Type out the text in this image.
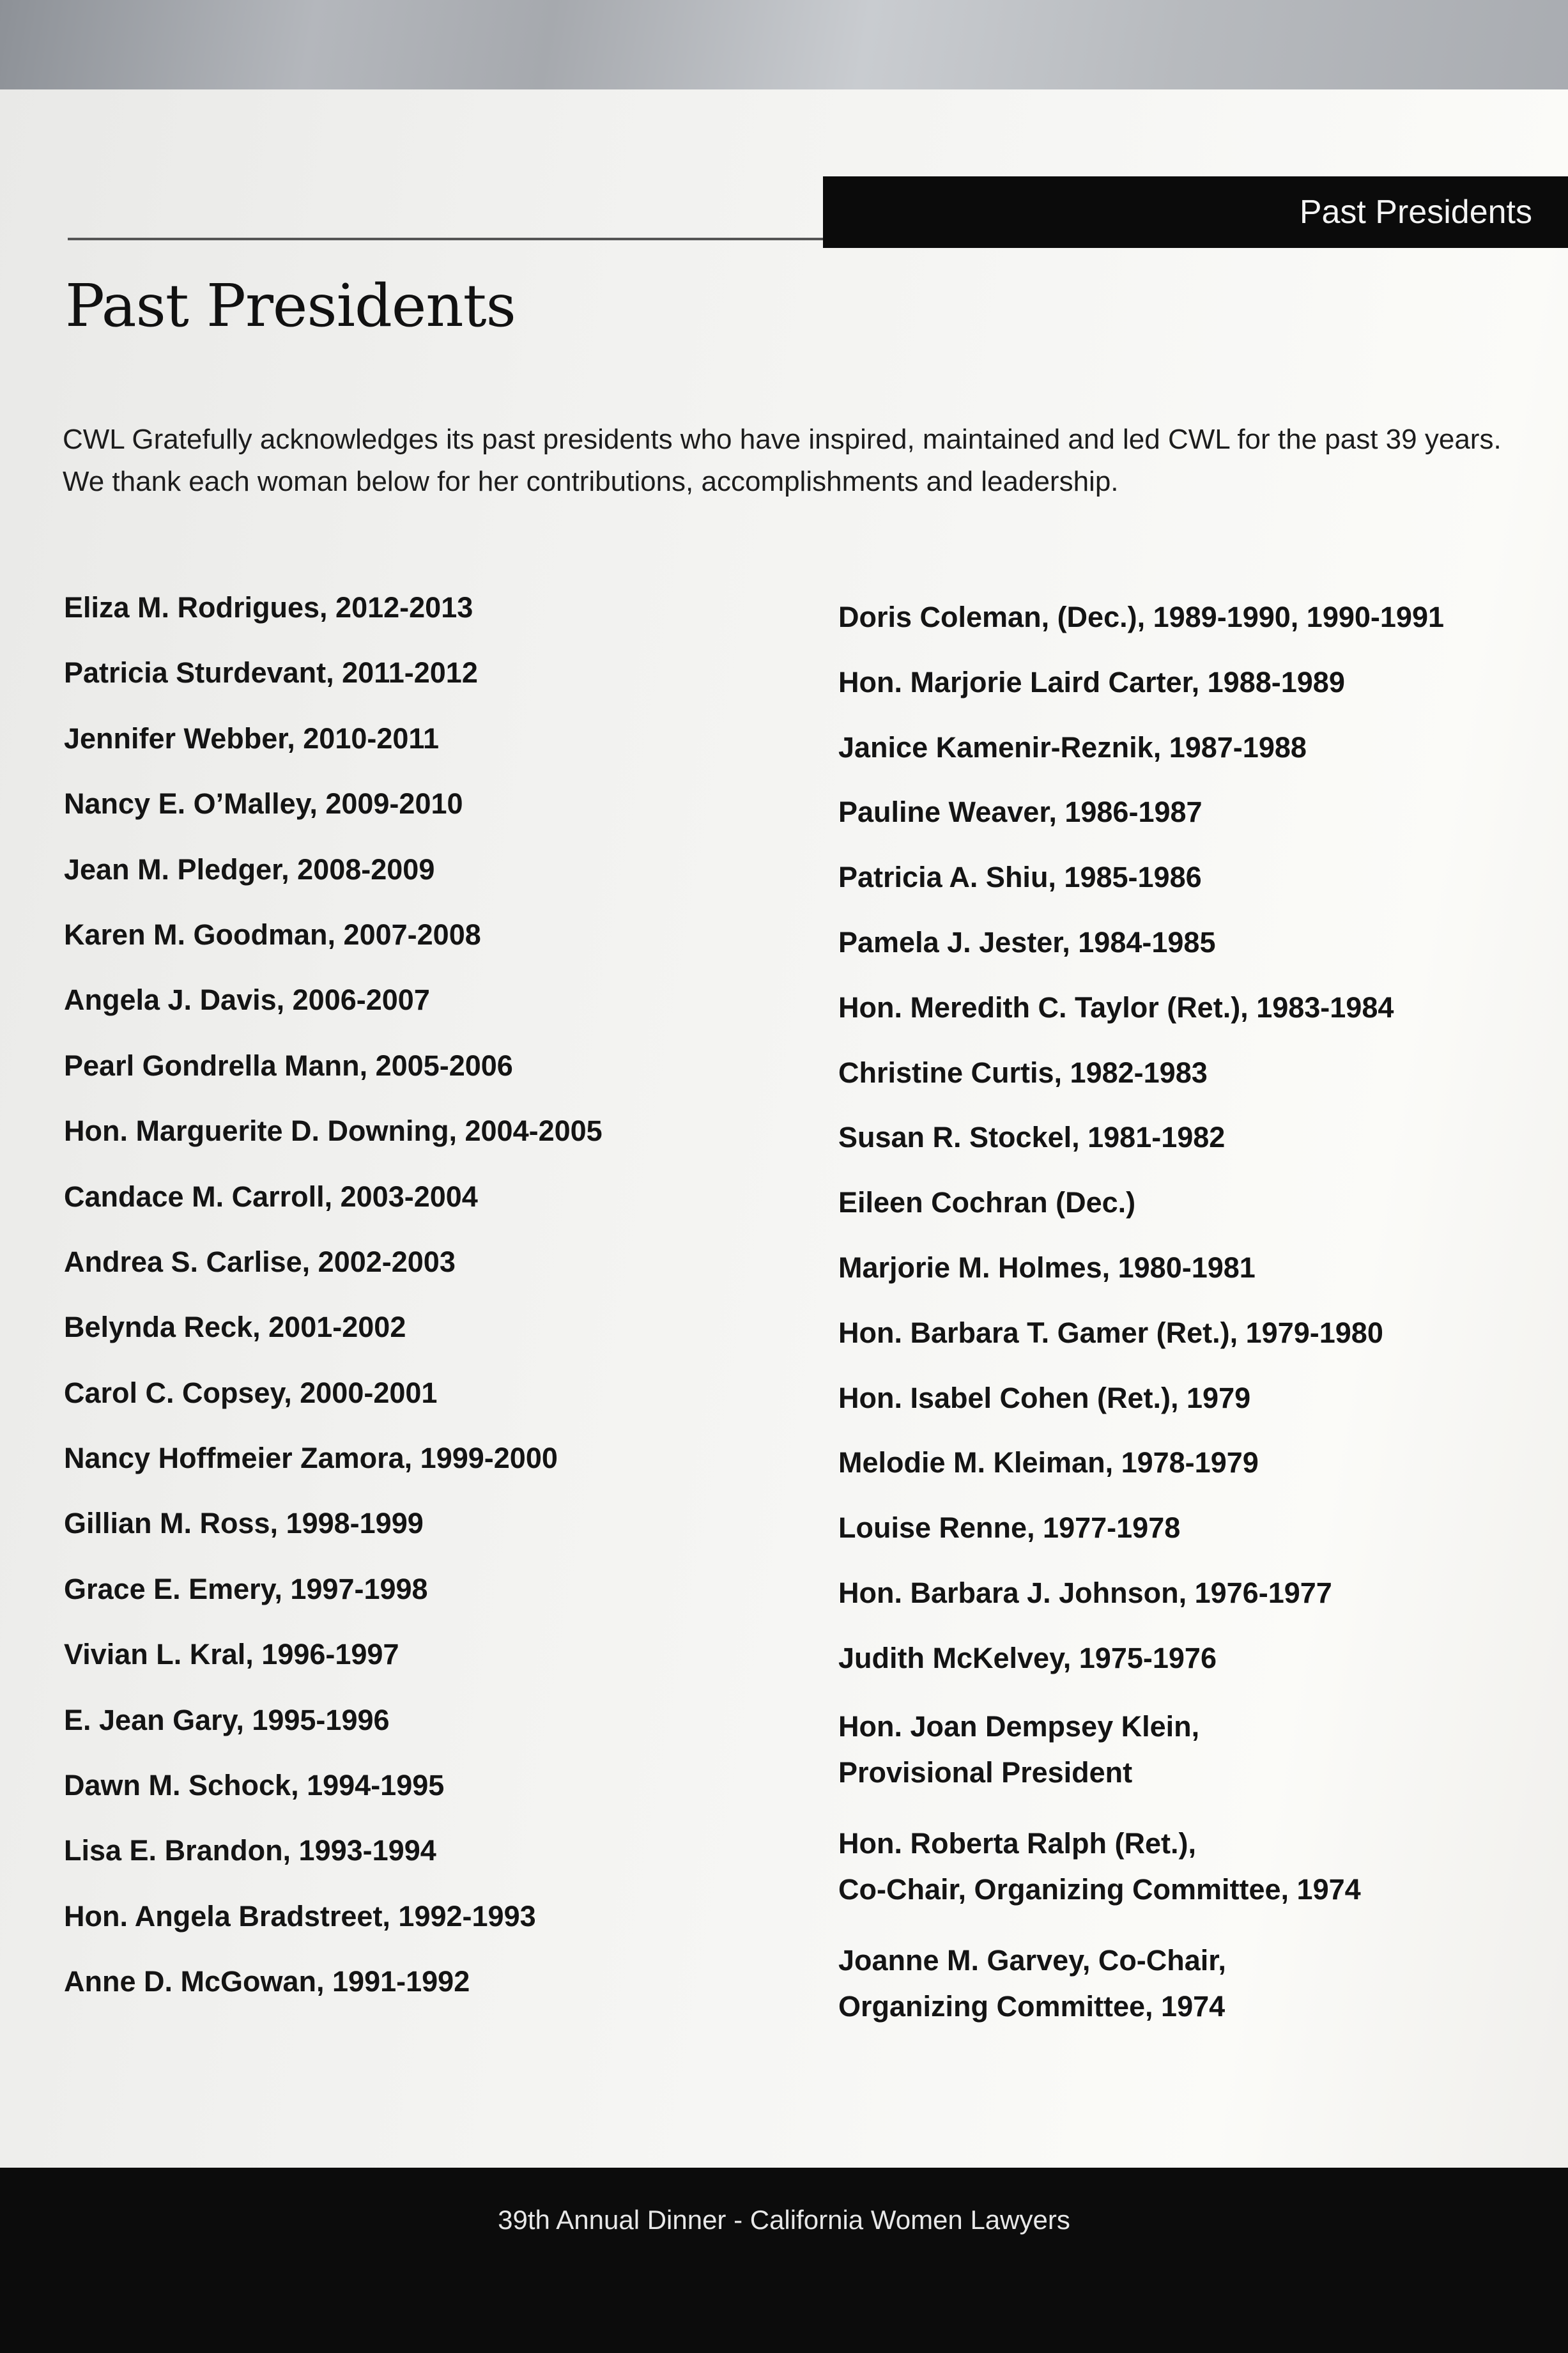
Past Presidents
Past Presidents

CWL Gratefully acknowledges its past presidents who have inspired, maintained and led CWL for the past 39 years. We thank each woman below for her contributions, accomplishments and leadership.

Eliza M. Rodrigues, 2012-2013
Patricia Sturdevant, 2011-2012
Jennifer Webber, 2010-2011
Nancy E. O’Malley, 2009-2010
Jean M. Pledger, 2008-2009
Karen M. Goodman, 2007-2008
Angela J. Davis, 2006-2007
Pearl Gondrella Mann, 2005-2006
Hon. Marguerite D. Downing, 2004-2005
Candace M. Carroll, 2003-2004
Andrea S. Carlise, 2002-2003
Belynda Reck, 2001-2002
Carol C. Copsey, 2000-2001
Nancy Hoffmeier Zamora, 1999-2000
Gillian M. Ross, 1998-1999
Grace E. Emery, 1997-1998
Vivian L. Kral, 1996-1997
E. Jean Gary, 1995-1996
Dawn M. Schock, 1994-1995
Lisa E. Brandon, 1993-1994
Hon. Angela Bradstreet, 1992-1993
Anne D. McGowan, 1991-1992
Doris Coleman, (Dec.), 1989-1990, 1990-1991
Hon. Marjorie Laird Carter, 1988-1989
Janice Kamenir-Reznik, 1987-1988
Pauline Weaver, 1986-1987
Patricia A. Shiu, 1985-1986
Pamela J. Jester, 1984-1985
Hon. Meredith C. Taylor (Ret.), 1983-1984
Christine Curtis, 1982-1983
Susan R. Stockel, 1981-1982
Eileen Cochran (Dec.)
Marjorie M. Holmes, 1980-1981
Hon. Barbara T. Gamer (Ret.), 1979-1980
Hon. Isabel Cohen (Ret.), 1979
Melodie M. Kleiman, 1978-1979
Louise Renne, 1977-1978
Hon. Barbara J. Johnson, 1976-1977
Judith McKelvey, 1975-1976
Hon. Joan Dempsey Klein,
Provisional President
Hon. Roberta Ralph (Ret.),
Co-Chair, Organizing Committee, 1974
Joanne M. Garvey, Co-Chair,
Organizing Committee, 1974
39th Annual Dinner - California Women Lawyers
